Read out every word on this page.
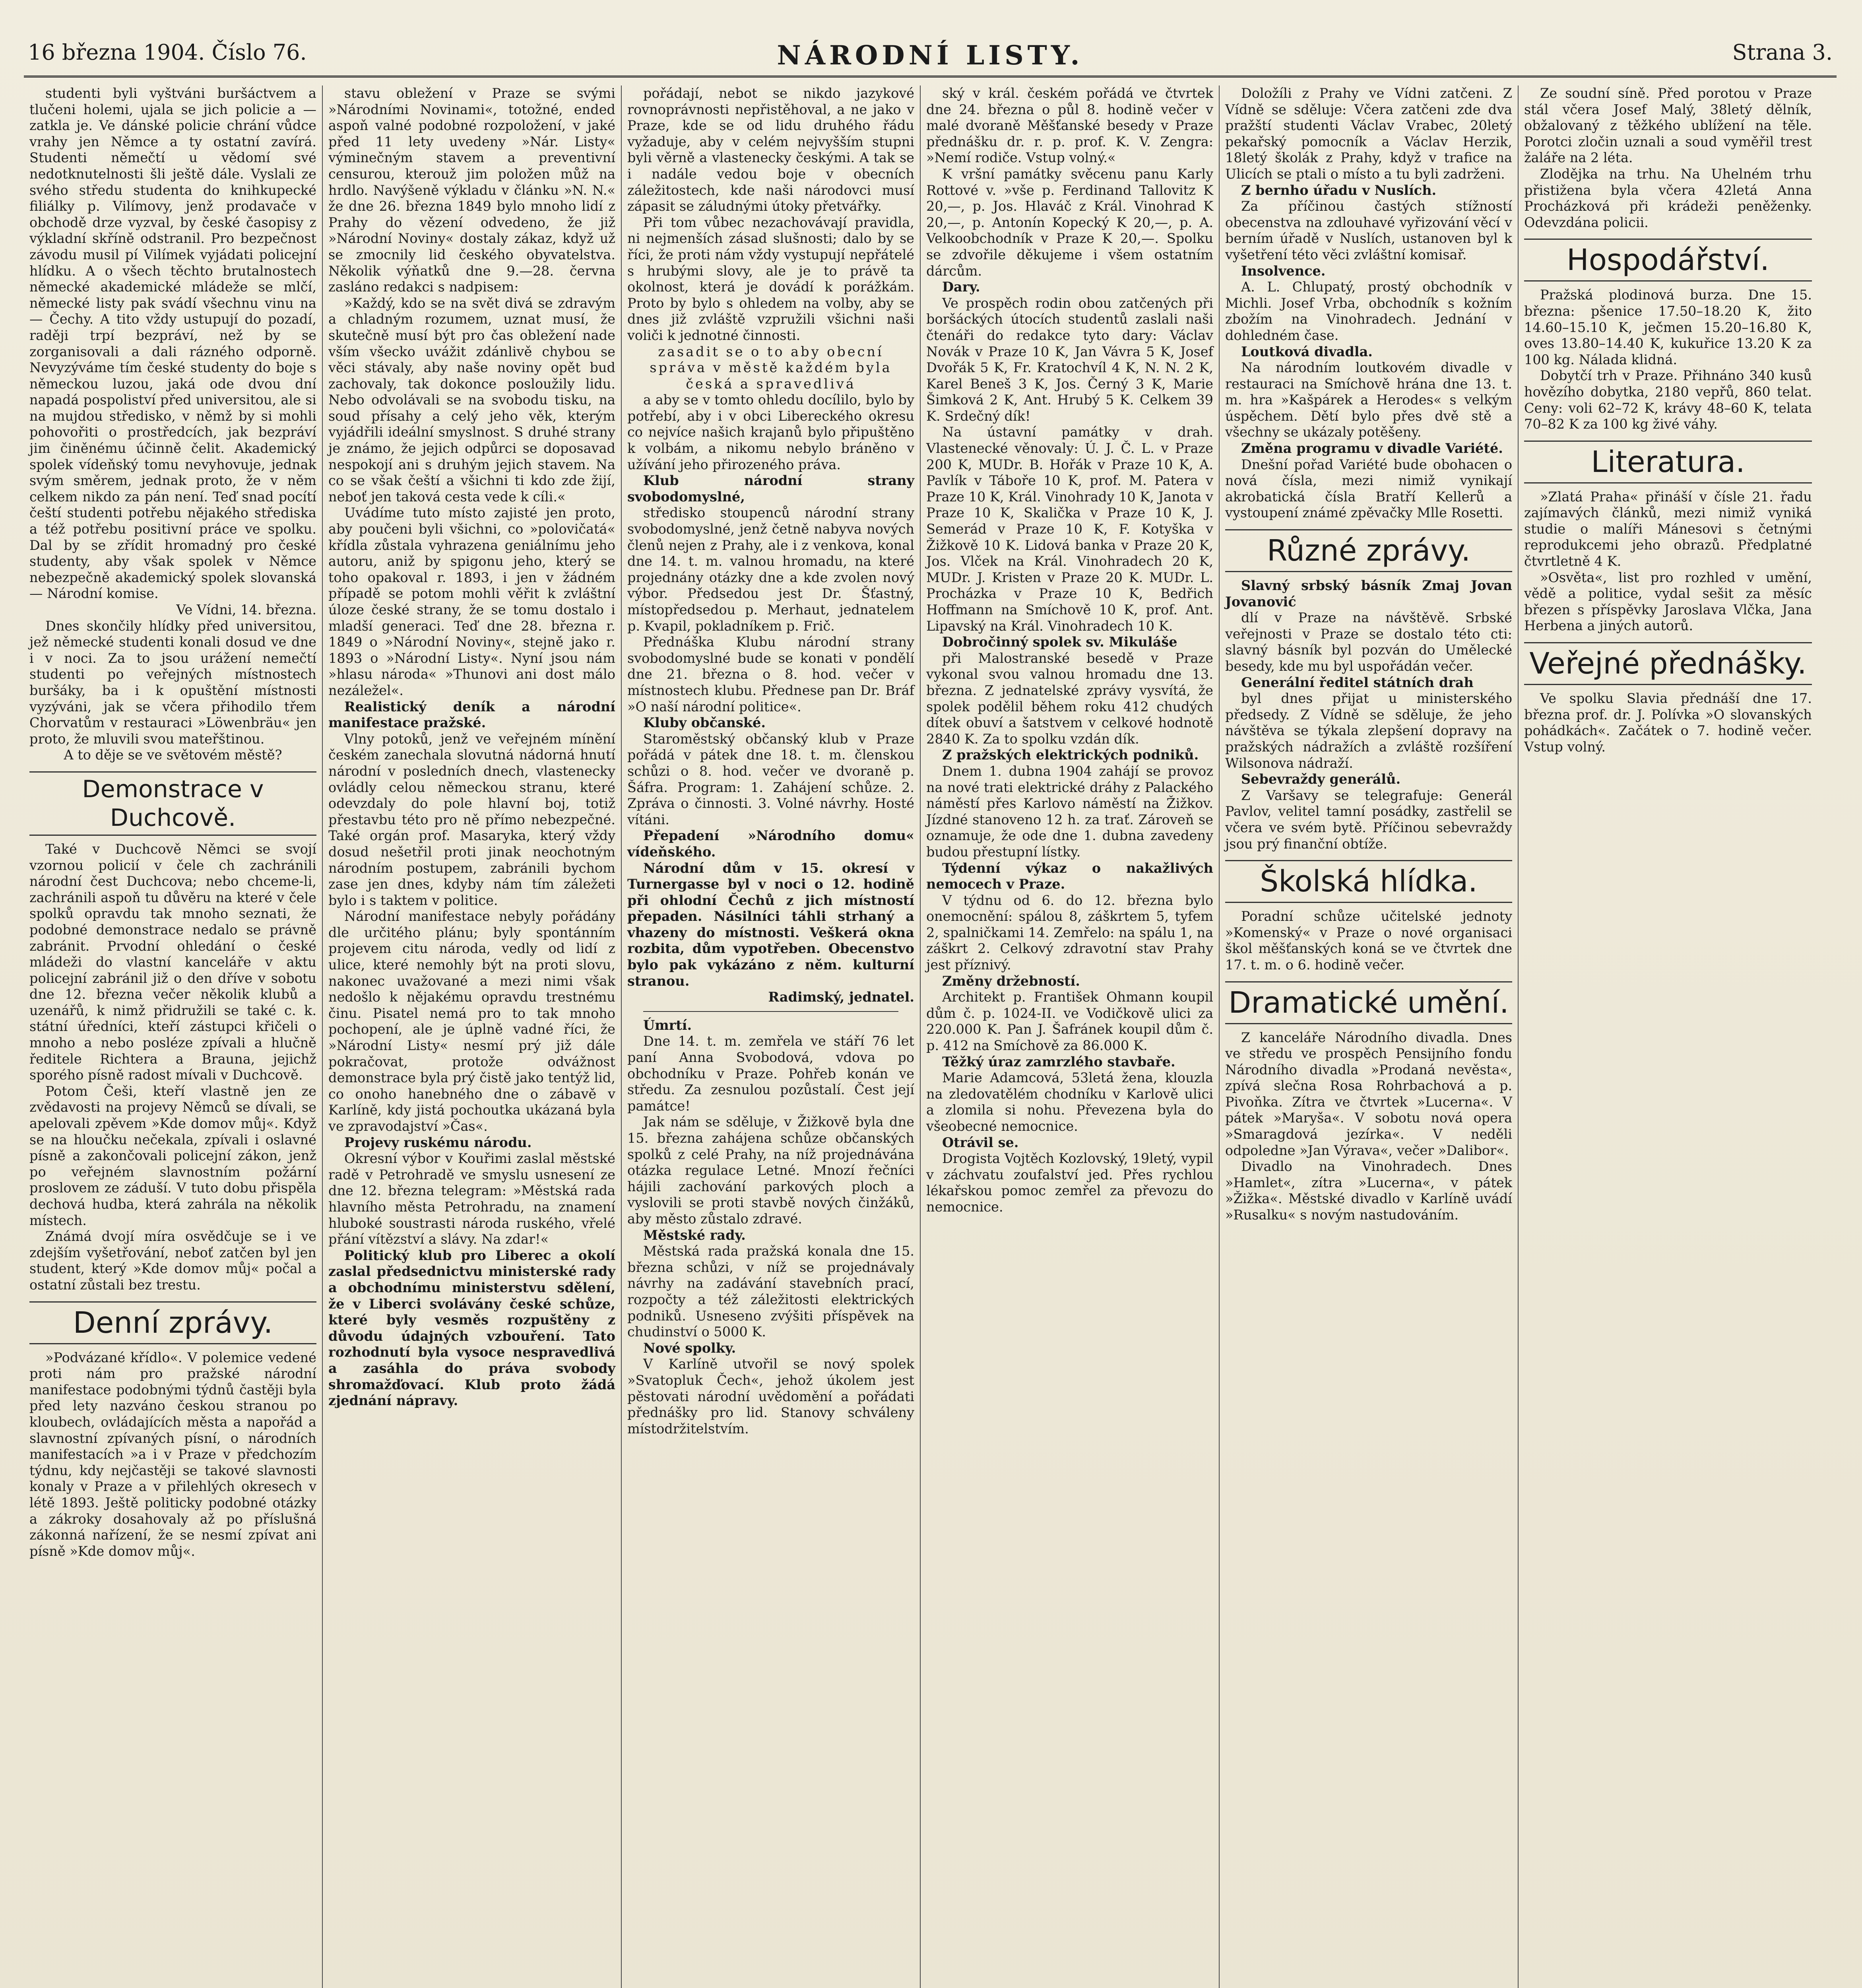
16 března 1904. Číslo 76.	NÁRODNÍ LISTY.	Strana 3.

studenti byli vyštváni buršáctvem a tlučeni holemi, ujala se jich policie a — zatkla je. Ve dánské policie chrání vůdce vrahy jen Němce a ty ostatní zavírá. Studenti němečtí u vědomí své nedotknutelnosti šli ještě dále. Vyslali ze svého středu studenta do knihkupecké filiálky p. Vilímovy, jenž prodavače v obchodě drze vyzval, by české časopisy z výkladní skříně odstranil. Pro bezpečnost závodu musil pí Vilímek vyjádati policejní hlídku. A o všech těchto brutalnostech německé akademické mládeže se mlčí, německé listy pak svádí všechnu vinu na — Čechy. A tito vždy ustupují do pozadí, raději trpí bezpráví, než by se zorganisovali a dali rázného odporně. Nevyzýváme tím české studenty do boje s německou luzou, jaká ode dvou dní napadá pospoliství před universitou, ale si na mujdou středisko, v němž by si mohli pohovořiti o prostředcích, jak bezpráví jim činěnému účinně čelit. Akademický spolek vídeňský tomu nevyhovuje, jednak svým směrem, jednak proto, že v něm celkem nikdo za pán není. Teď snad pocítí čeští studenti potřebu nějakého střediska a též potřebu positivní práce ve spolku. Dal by se zřídit hromadný pro české studenty, aby však spolek v Němce nebezpečně akademický spolek slovanská — Národní komise.

Ve Vídni, 14. března.

Dnes skončily hlídky před universitou, jež německé studenti konali dosud ve dne i v noci. Za to jsou urážení nemečtí studenti po veřejných místnostech buršáky, ba i k opuštění místnosti vyzýváni, jak se včera přihodilo třem Chorvatům v restauraci »Löwenbräu« jen proto, že mluvili svou mateřštinou.

A to děje se ve světovém městě?

Demonstrace v Duchcově.

Také v Duchcově Němci se svojí vzornou policií v čele ch zachránili národní čest Duchcova; nebo chceme-li, zachránili aspoň tu důvěru na které v čele spolků opravdu tak mnoho seznati, že podobné demonstrace nedalo se právně zabránit. Prvodní ohledání o české mládeži do vlastní kanceláře v aktu policejní zabránil již o den dříve v sobotu dne 12. března večer několik klubů a uzenářů, k nimž přidružili se také c. k. státní úředníci, kteří zástupci křičeli o mnoho a nebo posléze zpívali a hlučně ředitele Richtera a Brauna, jejichž sporého písně radost mívali v Duchcově.

Potom Češi, kteří vlastně jen ze zvědavosti na projevy Němců se dívali, se apelovali zpěvem »Kde domov můj«. Když se na hloučku nečekala, zpívali i oslavné písně a zakončovali policejní zákon, jenž po veřejném slavnostním požární proslovem ze záduší. V tuto dobu přispěla dechová hudba, která zahrála na několik místech.

Známá dvojí míra osvědčuje se i ve zdejším vyšetřování, neboť zatčen byl jen student, který »Kde domov můj« počal a ostatní zůstali bez trestu.

Denní zprávy.

»Podvázané křídlo«. V polemice vedené proti nám pro pražské národní manifestace podobnými týdnů častěji byla před lety nazváno českou stranou po kloubech, ovládajících města a napořád a slavnostní zpívaných písní, o národních manifestacích »a i v Praze v předchozím týdnu, kdy nejčastěji se takové slavnosti konaly v Praze a v přilehlých okresech v létě 1893. Ještě politicky podobné otázky a zákroky dosahovaly až po příslušná zákonná nařízení, že se nesmí zpívat ani písně »Kde domov můj«.

stavu obležení v Praze se svými »Národními Novinami«, totožné, ended aspoň valné podobné rozpoložení, v jaké před 11 lety uvedeny »Nár. Listy« výminečným stavem a preventivní censurou, kterouž jim položen můž na hrdlo. Navýšeně výkladu v článku »N. N.« že dne 26. března 1849 bylo mnoho lidí z Prahy do vězení odvedeno, že již »Národní Noviny« dostaly zákaz, když už se zmocnily lid českého obyvatelstva. Několik výňatků dne 9.—28. června zasláno redakci s nadpisem:

»Každý, kdo se na svět divá se zdravým a chladným rozumem, uznat musí, že skutečně musí být pro čas obležení nade vším všecko uvážit zdánlivě chybou se věci stávaly, aby naše noviny opět bud zachovaly, tak dokonce posloužily lidu. Nebo odvolávali se na svobodu tisku, na soud přísahy a celý jeho věk, kterým vyjádřili ideální smyslnost. S druhé strany je známo, že jejich odpůrci se doposavad nespokojí ani s druhým jejich stavem. Na co se však čeští a všichni ti kdo zde žijí, neboť jen taková cesta vede k cíli.«

Uvádíme tuto místo zajisté jen proto, aby poučeni byli všichni, co »polovičatá« křídla zůstala vyhrazena geniálnímu jeho autoru, aniž by spigonu jeho, který se toho opakoval r. 1893, i jen v žádném případě se potom mohli věřit k zvláštní úloze české strany, že se tomu dostalo i mladší generaci. Teď dne 28. března r. 1849 o »Národní Noviny«, stejně jako r. 1893 o »Národní Listy«. Nyní jsou nám »hlasu národa« »Thunovi ani dost málo nezáležel«.

Realistický deník a národní manifestace pražské.

Vlny potoků, jenž ve veřejném mínění českém zanechala slovutná nádorná hnutí národní v posledních dnech, vlastenecky ovládly celou německou stranu, které odevzdaly do pole hlavní boj, totiž přestavbu této pro ně přímo nebezpečné. Také orgán prof. Masaryka, který vždy dosud nešetřil proti jinak neochotným národním postupem, zabránili bychom zase jen dnes, kdyby nám tím záležeti bylo i s taktem v politice.

Národní manifestace nebyly pořádány dle určitého plánu; byly spontánním projevem citu národa, vedly od lidí z ulice, které nemohly být na proti slovu, nakonec uvažované a mezi nimi však nedošlo k nějakému opravdu trestnému činu. Pisatel nemá pro to tak mnoho pochopení, ale je úplně vadné říci, že »Národní Listy« nesmí prý již dále pokračovat, protože odvážnost demonstrace byla prý čistě jako tentýž lid, co onoho hanebného dne o zábavě v Karlíně, kdy jistá pochoutka ukázaná byla ve zpravodajství »Čas«.

Projevy ruskému národu.

Okresní výbor v Kouřimi zaslal městské radě v Petrohradě ve smyslu usnesení ze dne 12. března telegram: »Městská rada hlavního města Petrohradu, na znamení hluboké soustrasti národa ruského, vřelé přání vítězství a slávy. Na zdar!«

Politický klub pro Liberec a okolí zaslal předsednictvu ministerské rady a obchodnímu ministerstvu sdělení, že v Liberci svolávány české schůze, které byly vesměs rozpuštěny z důvodu údajných vzbouření. Tato rozhodnutí byla vysoce nespravedlivá a zasáhla do práva svobody shromažďovací. Klub proto žádá zjednání nápravy.

pořádají, nebot se nikdo jazykové rovnoprávnosti nepřistěhoval, a ne jako v Praze, kde se od lidu druhého řádu vyžaduje, aby v celém nejvyšším stupni byli věrně a vlastenecky českými. A tak se i nadále vedou boje v obecních záležitostech, kde naši národovci musí zápasit se záludnými útoky přetvářky.

Při tom vůbec nezachovávají pravidla, ni nejmenších zásad slušnosti; dalo by se říci, že proti nám vždy vystupují nepřátelé s hrubými slovy, ale je to právě ta okolnost, která je dovádí k porážkám. Proto by bylo s ohledem na volby, aby se dnes již zvláště vzpružili všichni naši voliči k jednotné činnosti.

zasadit se o to aby obecní správa v městě každém byla česká a spravedlivá

a aby se v tomto ohledu docílilo, bylo by potřebí, aby i v obci Libereckého okresu co nejvíce našich krajanů bylo připuštěno k volbám, a nikomu nebylo bráněno v užívání jeho přirozeného práva.

Klub národní strany svobodomyslné,

středisko stoupenců národní strany svobodomyslné, jenž četně nabyva nových členů nejen z Prahy, ale i z venkova, konal dne 14. t. m. valnou hromadu, na které projednány otázky dne a kde zvolen nový výbor. Předsedou jest Dr. Šťastný, místopředsedou p. Merhaut, jednatelem p. Kvapil, pokladníkem p. Frič.

Přednáška Klubu národní strany svobodomyslné bude se konati v pondělí dne 21. března o 8. hod. večer v místnostech klubu. Přednese pan Dr. Bráf »O naší národní politice«.

Kluby občanské.

Staroměstský občanský klub v Praze pořádá v pátek dne 18. t. m. členskou schůzi o 8. hod. večer ve dvoraně p. Šáfra. Program: 1. Zahájení schůze. 2. Zpráva o činnosti. 3. Volné návrhy. Hosté vítáni.

Přepadení »Národního domu« vídeňského.

Národní dům v 15. okresí v Turnergasse byl v noci o 12. hodině při ohlodní Čechů z jich místností přepaden. Násilníci táhli strhaný a vhazeny do místnosti. Veškerá okna rozbita, dům vypotřeben. Obecenstvo bylo pak vykázáno z něm. kulturní stranou.

Radimský, jednatel.

Úmrtí.

Dne 14. t. m. zemřela ve stáří 76 let paní Anna Svobodová, vdova po obchodníku v Praze. Pohřeb konán ve středu. Za zesnulou pozůstalí. Čest její památce!

Jak nám se sděluje, v Žižkově byla dne 15. března zahájena schůze občanských spolků z celé Prahy, na níž projednávána otázka regulace Letné. Mnozí řečníci hájili zachování parkových ploch a vyslovili se proti stavbě nových činžáků, aby město zůstalo zdravé.

Městské rady.

Městská rada pražská konala dne 15. března schůzi, v níž se projednávaly návrhy na zadávání stavebních prací, rozpočty a též záležitosti elektrických podniků. Usneseno zvýšiti příspěvek na chudinství o 5000 K.

Nové spolky.

V Karlíně utvořil se nový spolek »Svatopluk Čech«, jehož úkolem jest pěstovati národní uvědomění a pořádati přednášky pro lid. Stanovy schváleny místodržitelstvím.

ský v král. českém pořádá ve čtvrtek dne 24. března o půl 8. hodině večer v malé dvoraně Měšťanské besedy v Praze přednášku dr. r. p. prof. K. V. Zengra: »Nemí rodiče. Vstup volný.«

K vršní památky svěcenu panu Karly Rottové v. »vše p. Ferdinand Tallovitz K 20,—, p. Jos. Hlaváč z Král. Vinohrad K 20,—, p. Antonín Kopecký K 20,—, p. A. Velkoobchodník v Praze K 20,—. Spolku se zdvořile děkujeme i všem ostatním dárcům.

Dary.

Ve prospěch rodin obou zatčených při boršáckých útocích studentů zaslali naši čtenáři do redakce tyto dary: Václav Novák v Praze 10 K, Jan Vávra 5 K, Josef Dvořák 5 K, Fr. Kratochvíl 4 K, N. N. 2 K, Karel Beneš 3 K, Jos. Černý 3 K, Marie Šimková 2 K, Ant. Hrubý 5 K. Celkem 39 K. Srdečný dík!

Na ústavní památky v drah. Vlastenecké věnovaly: Ú. J. Č. L. v Praze 200 K, MUDr. B. Hořák v Praze 10 K, A. Pavlík v Táboře 10 K, prof. M. Patera v Praze 10 K, Král. Vinohrady 10 K, Janota v Praze 10 K, Skalička v Praze 10 K, J. Semerád v Praze 10 K, F. Kotyška v Žižkově 10 K. Lidová banka v Praze 20 K, Jos. Vlček na Král. Vinohradech 20 K, MUDr. J. Kristen v Praze 20 K. MUDr. L. Procházka v Praze 10 K, Bedřich Hoffmann na Smíchově 10 K, prof. Ant. Lipavský na Král. Vinohradech 10 K.

Dobročinný spolek sv. Mikuláše

při Malostranské besedě v Praze vykonal svou valnou hromadu dne 13. března. Z jednatelské zprávy vysvítá, že spolek podělil během roku 412 chudých dítek obuví a šatstvem v celkové hodnotě 2840 K. Za to spolku vzdán dík.

Z pražských elektrických podniků.

Dnem 1. dubna 1904 zahájí se provoz na nové trati elektrické dráhy z Palackého náměstí přes Karlovo náměstí na Žižkov. Jízdné stanoveno 12 h. za trať. Zároveň se oznamuje, že ode dne 1. dubna zavedeny budou přestupní lístky.

Týdenní výkaz o nakažlivých nemocech v Praze.

V týdnu od 6. do 12. března bylo onemocnění: spálou 8, záškrtem 5, tyfem 2, spalničkami 14. Zemřelo: na spálu 1, na záškrt 2. Celkový zdravotní stav Prahy jest příznivý.

Změny držebností.

Architekt p. František Ohmann koupil dům č. p. 1024-II. ve Vodičkově ulici za 220.000 K. Pan J. Šafránek koupil dům č. p. 412 na Smíchově za 86.000 K.

Těžký úraz zamrzlého stavbaře.

Marie Adamcová, 53letá žena, klouzla na zledovatělém chodníku v Karlově ulici a zlomila si nohu. Převezena byla do všeobecné nemocnice.

Otrávil se.

Drogista Vojtěch Kozlovský, 19letý, vypil v záchvatu zoufalství jed. Přes rychlou lékařskou pomoc zemřel za převozu do nemocnice.

Doložíli z Prahy ve Vídni zatčeni. Z Vídně se sděluje: Včera zatčeni zde dva pražští studenti Václav Vrabec, 20letý pekařský pomocník a Václav Herzik, 18letý školák z Prahy, když v trafice na Ulicích se ptali o místo a tu byli zadrženi.

Z bernho úřadu v Nuslích.

Za příčinou častých stížností obecenstva na zdlouhavé vyřizování věcí v berním úřadě v Nuslích, ustanoven byl k vyšetření této věci zvláštní komisař.

Insolvence.

A. L. Chlupatý, prostý obchodník v Michli. Josef Vrba, obchodník s kožním zbožím na Vinohradech. Jednání v dohledném čase.

Loutková divadla.

Na národním loutkovém divadle v restauraci na Smíchově hrána dne 13. t. m. hra »Kašpárek a Herodes« s velkým úspěchem. Dětí bylo přes dvě stě a všechny se ukázaly potěšeny.

Změna programu v divadle Variété.

Dnešní pořad Variété bude obohacen o nová čísla, mezi nimiž vynikají akrobatická čísla Bratří Kellerů a vystoupení známé zpěvačky Mlle Rosetti.

Různé zprávy.

Slavný srbský básník Zmaj Jovan Jovanović

dlí v Praze na návštěvě. Srbské veřejnosti v Praze se dostalo této cti: slavný básník byl pozván do Umělecké besedy, kde mu byl uspořádán večer.

Generální ředitel státních drah

byl dnes přijat u ministerského předsedy. Z Vídně se sděluje, že jeho návštěva se týkala zlepšení dopravy na pražských nádražích a zvláště rozšíření Wilsonova nádraží.

Sebevraždy generálů.

Z Varšavy se telegrafuje: Generál Pavlov, velitel tamní posádky, zastřelil se včera ve svém bytě. Příčinou sebevraždy jsou prý finanční obtíže.

Školská hlídka.

Poradní schůze učitelské jednoty »Komenský« v Praze o nové organisaci škol měšťanských koná se ve čtvrtek dne 17. t. m. o 6. hodině večer.

Dramatické umění.

Z kanceláře Národního divadla. Dnes ve středu ve prospěch Pensijního fondu Národního divadla »Prodaná nevěsta«, zpívá slečna Rosa Rohrbachová a p. Pivoňka. Zítra ve čtvrtek »Lucerna«. V pátek »Maryša«. V sobotu nová opera »Smaragdová jezírka«. V neděli odpoledne »Jan Výrava«, večer »Dalibor«.

Divadlo na Vinohradech. Dnes »Hamlet«, zítra »Lucerna«, v pátek »Žižka«. Městské divadlo v Karlíně uvádí »Rusalku« s novým nastudováním.

Ze soudní síně. Před porotou v Praze stál včera Josef Malý, 38letý dělník, obžalovaný z těžkého ublížení na těle. Porotci zločin uznali a soud vyměřil trest žaláře na 2 léta.

Zlodějka na trhu. Na Uhelném trhu přistižena byla včera 42letá Anna Procházková při krádeži peněženky. Odevzdána policii.

Hospodářství.

Pražská plodinová burza. Dne 15. března: pšenice 17.50–18.20 K, žito 14.60–15.10 K, ječmen 15.20–16.80 K, oves 13.80–14.40 K, kukuřice 13.20 K za 100 kg. Nálada klidná.

Dobytčí trh v Praze. Přihnáno 340 kusů hovězího dobytka, 2180 vepřů, 860 telat. Ceny: voli 62–72 K, krávy 48–60 K, telata 70–82 K za 100 kg živé váhy.

Literatura.

»Zlatá Praha« přináší v čísle 21. řadu zajímavých článků, mezi nimiž vyniká studie o malíři Mánesovi s četnými reprodukcemi jeho obrazů. Předplatné čtvrtletně 4 K.

»Osvěta«, list pro rozhled v umění, vědě a politice, vydal sešit za měsíc březen s příspěvky Jaroslava Vlčka, Jana Herbena a jiných autorů.

Veřejné přednášky.

Ve spolku Slavia přednáší dne 17. března prof. dr. J. Polívka »O slovanských pohádkách«. Začátek o 7. hodině večer. Vstup volný.
